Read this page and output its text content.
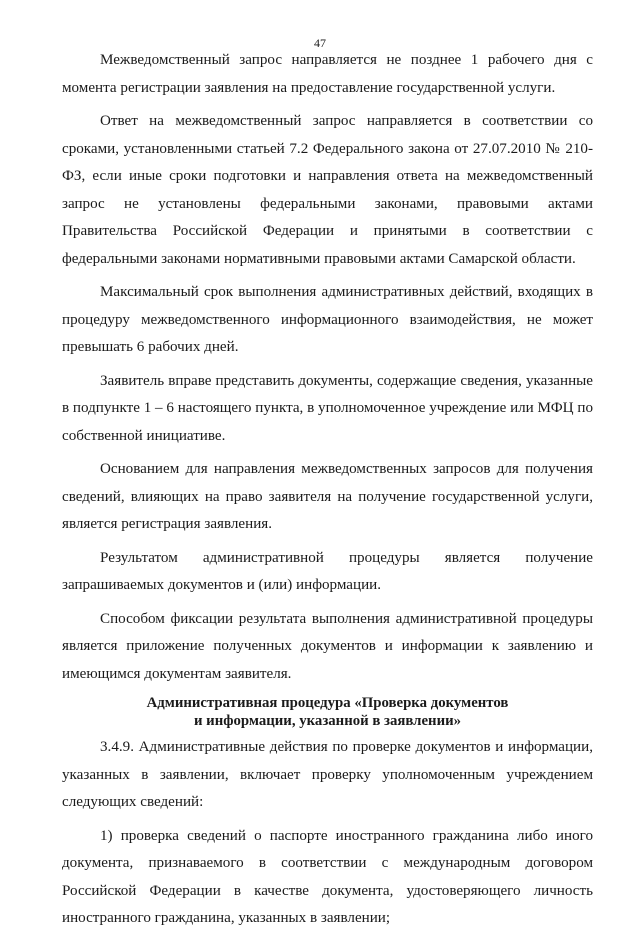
47

Межведомственный запрос направляется не позднее 1 рабочего дня с момента регистрации заявления на предоставление государственной услуги.

Ответ на межведомственный запрос направляется в соответствии со сроками, установленными статьей 7.2 Федерального закона от 27.07.2010 № 210-ФЗ, если иные сроки подготовки и направления ответа на межведомственный запрос не установлены федеральными законами, правовыми актами Правительства Российской Федерации и принятыми в соответствии с федеральными законами нормативными правовыми актами Самарской области.

Максимальный срок выполнения административных действий, входящих в процедуру межведомственного информационного взаимодействия, не может превышать 6 рабочих дней.

Заявитель вправе представить документы, содержащие сведения, указанные в подпункте 1 – 6 настоящего пункта, в уполномоченное учреждение или МФЦ по собственной инициативе.

Основанием для направления межведомственных запросов для получения сведений, влияющих на право заявителя на получение государственной услуги, является регистрация заявления.

Результатом административной процедуры является получение запрашиваемых документов и (или) информации.

Способом фиксации результата выполнения административной процедуры является приложение полученных документов и информации к заявлению и имеющимся документам заявителя.

Административная процедура «Проверка документов
и информации, указанной в заявлении»

3.4.9. Административные действия по проверке документов и информации, указанных в заявлении, включает проверку уполномоченным учреждением следующих сведений:

1) проверка сведений о паспорте иностранного гражданина либо иного документа, признаваемого в соответствии с международным договором Российской Федерации в качестве документа, удостоверяющего личность иностранного гражданина, указанных в заявлении;
